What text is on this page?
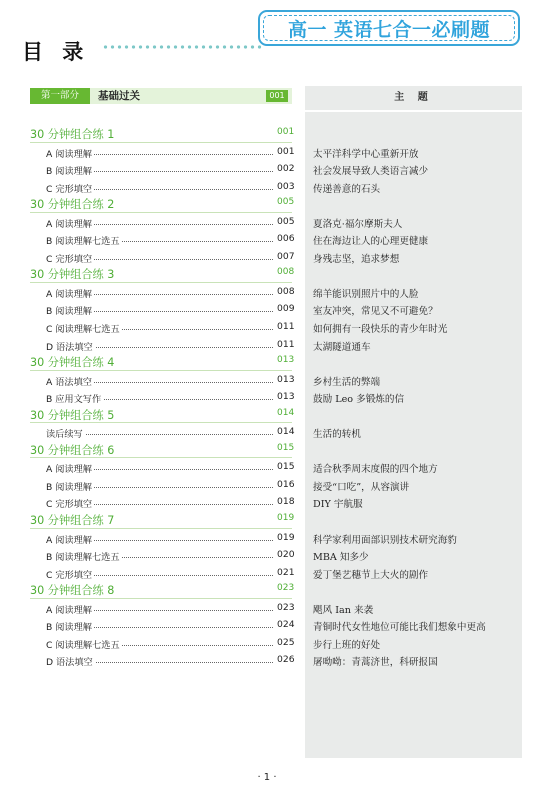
目 录
高一 英语七合一必刷题
主 题
第一部分	基础过关	001
30 分钟组合练 1	001
A 阅读理解	001 太平洋科学中心重新开放
B 阅读理解	002 社会发展导致人类语言减少
C 完形填空	003 传递善意的石头
30 分钟组合练 2	005
A 阅读理解	005 夏洛克·福尔摩斯夫人
B 阅读理解七选五	006 住在海边让人的心理更健康
C 完形填空	007 身残志坚，追求梦想
30 分钟组合练 3	008
A 阅读理解	008 绵羊能识别照片中的人脸
B 阅读理解	009 室友冲突，常见又不可避免？
C 阅读理解七选五	011 如何拥有一段快乐的青少年时光
D 语法填空	011 太湖隧道通车
30 分钟组合练 4	013
A 语法填空	013 乡村生活的弊端
B 应用文写作	013 鼓励 Leo 多锻炼的信
30 分钟组合练 5	014
读后续写	014 生活的转机
30 分钟组合练 6	015
A 阅读理解	015 适合秋季周末度假的四个地方
B 阅读理解	016 接受“口吃”，从容演讲
C 完形填空	018 DIY 宇航服
30 分钟组合练 7	019
A 阅读理解	019 科学家利用面部识别技术研究海豹
B 阅读理解七选五	020 MBA 知多少
C 完形填空	021 爱丁堡艺穗节上大火的剧作
30 分钟组合练 8	023
A 阅读理解	023 飓风 Ian 来袭
B 阅读理解	024 青铜时代女性地位可能比我们想象中更高
C 阅读理解七选五	025 步行上班的好处
D 语法填空	026 屠呦呦：青蒿济世，科研报国
· 1 ·
